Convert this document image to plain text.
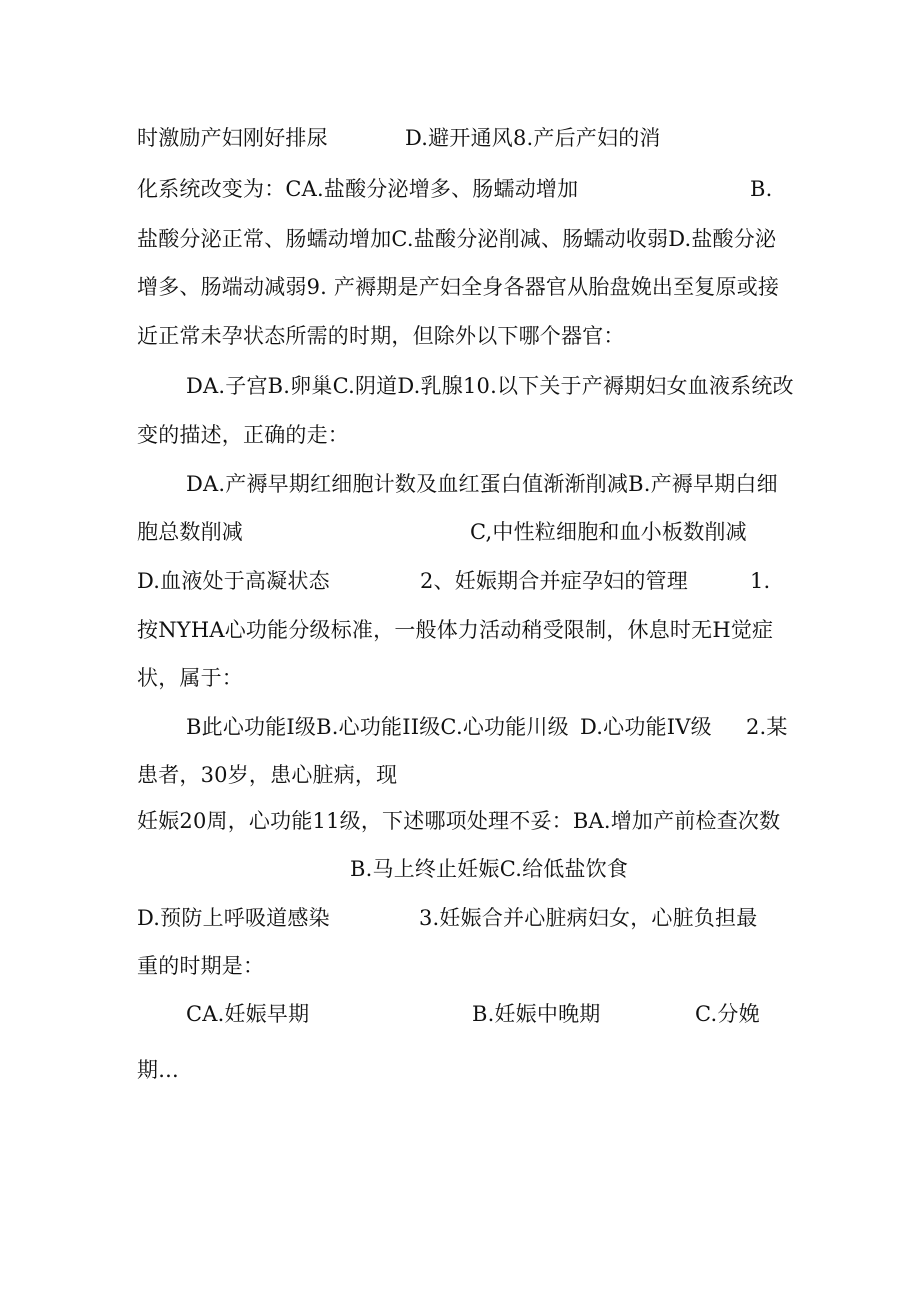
时激励产妇刚好排尿	D.避开通风8.产后产妇的消
化系统改变为：CA.盐酸分泌增多、肠蠕动增加	B.
盐酸分泌正常、肠蠕动增加C.盐酸分泌削减、肠蠕动收弱D.盐酸分泌
增多、肠端动减弱9. 产褥期是产妇全身各器官从胎盘娩出至复原或接
近正常未孕状态所需的时期，但除外以下哪个器官：
DA.子宫B.卵巢C.阴道D.乳腺10.以下关于产褥期妇女血液系统改
变的描述，正确的走：
DA.产褥早期红细胞计数及血红蛋白值渐渐削减B.产褥早期白细
胞总数削减	C,中性粒细胞和血小板数削减
D.血液处于高凝状态	2、妊娠期合并症孕妇的管理	1.
按NYHA心功能分级标准，一般体力活动稍受限制，休息时无H觉症
状，属于：
B此心功能I级B.心功能II级C.心功能川级 D.心功能IV级 2.某
患者，30岁，患心脏病，现
妊娠20周，心功能11级，下述哪项处理不妥：BA.增加产前检查次数
B.马上终止妊娠C.给低盐饮食
D.预防上呼吸道感染	3.妊娠合并心脏病妇女，心脏负担最
重的时期是：
CA.妊娠早期	B.妊娠中晚期	C.分娩
期...
